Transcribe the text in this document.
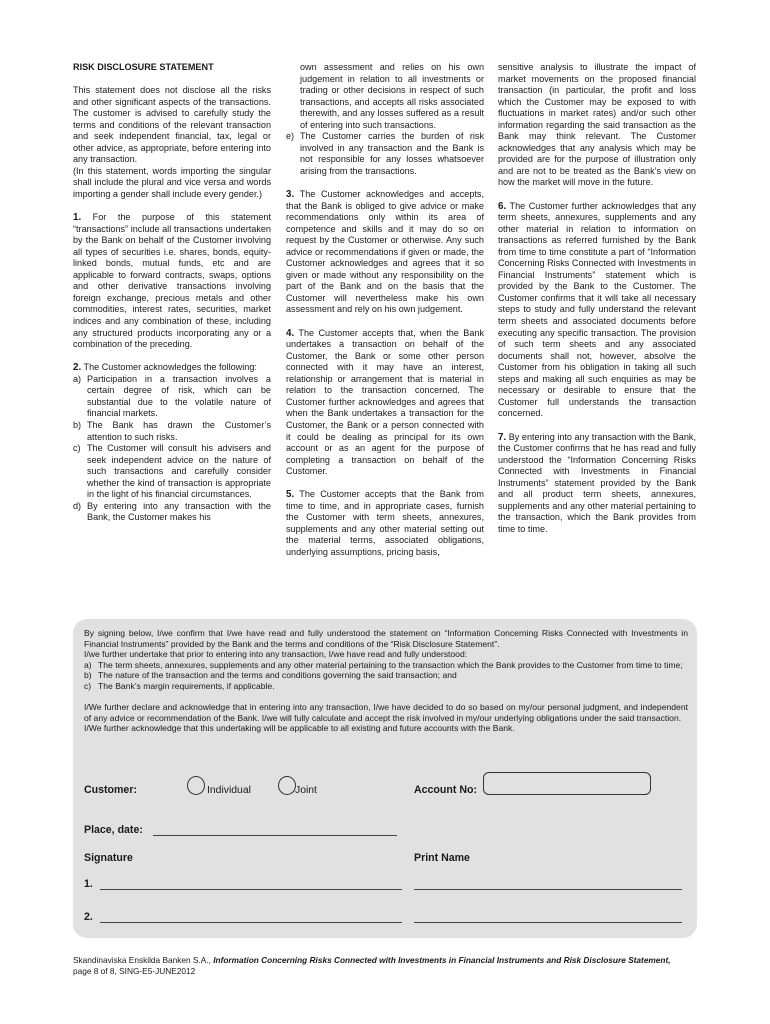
RISK DISCLOSURE STATEMENT

This statement does not disclose all the risks and other significant aspects of the transactions. The customer is advised to carefully study the terms and conditions of the relevant transaction and seek independent financial, tax, legal or other advice, as appropriate, before entering into any transaction.
(In this statement, words importing the singular shall include the plural and vice versa and words importing a gender shall include every gender.)

1. For the purpose of this statement “transactions” include all transactions undertaken by the Bank on behalf of the Customer involving all types of securities i.e. shares, bonds, equity-linked bonds, mutual funds, etc and are applicable to forward contracts, swaps, options and other derivative transactions involving foreign exchange, precious metals and other commodities, interest rates, securities, market indices and any combination of these, including any structured products incorporating any or a combination of the preceding.

2. The Customer acknowledges the following:
a) Participation in a transaction involves a certain degree of risk, which can be substantial due to the volatile nature of financial markets.
b) The Bank has drawn the Customer’s attention to such risks.
c) The Customer will consult his advisers and seek independent advice on the nature of such transactions and carefully consider whether the kind of transaction is appropriate in the light of his financial circumstances.
d) By entering into any transaction with the Bank, the Customer makes his
own assessment and relies on his own judgement in relation to all investments or trading or other decisions in respect of such transactions, and accepts all risks associated therewith, and any losses suffered as a result of entering into such transactions.
e) The Customer carries the burden of risk involved in any transaction and the Bank is not responsible for any losses whatsoever arising from the transactions.

3. The Customer acknowledges and accepts, that the Bank is obliged to give advice or make recommendations only within its area of competence and skills and it may do so on request by the Customer or otherwise. Any such advice or recommendations if given or made, the Customer acknowledges and agrees that it so given or made without any responsibility on the part of the Bank and on the basis that the Customer will nevertheless make his own assessment and rely on his own judgement.

4. The Customer accepts that, when the Bank undertakes a transaction on behalf of the Customer, the Bank or some other person connected with it may have an interest, relationship or arrangement that is material in relation to the transaction concerned. The Customer further acknowledges and agrees that when the Bank undertakes a transaction for the Customer, the Bank or a person connected with it could be dealing as principal for its own account or as an agent for the purpose of completing a transaction on behalf of the Customer.

5. The Customer accepts that the Bank from time to time, and in appropriate cases, furnish the Customer with term sheets, annexures, supplements and any other material setting out the material terms, associated obligations, underlying assumptions, pricing basis,

sensitive analysis to illustrate the impact of market movements on the proposed financial transaction (in particular, the profit and loss which the Customer may be exposed to with fluctuations in market rates) and/or such other information regarding the said transaction as the Bank may think relevant. The Customer acknowledges that any analysis which may be provided are for the purpose of illustration only and are not to be treated as the Bank’s view on how the market will move in the future.

6. The Customer further acknowledges that any term sheets, annexures, supplements and any other material in relation to information on transactions as referred furnished by the Bank from time to time constitute a part of “Information Concerning Risks Connected with Investments in Financial Instruments” statement which is provided by the Bank to the Customer. The Customer confirms that it will take all necessary steps to study and fully understand the relevant term sheets and associated documents before executing any specific transaction. The provision of such term sheets and any associated documents shall not, however, absolve the Customer from his obligation in taking all such steps and making all such enquiries as may be necessary or desirable to ensure that the Customer full understands the transaction concerned.

7. By entering into any transaction with the Bank, the Customer confirms that he has read and fully understood the “Information Concerning Risks Connected with Investments in Financial Instruments” statement provided by the Bank and all product term sheets, annexures, supplements and any other material pertaining to the transaction, which the Bank provides from time to time.

By signing below, I/we confirm that I/we have read and fully understood the statement on “Information Concerning Risks Connected with Investments in Financial Instruments” provided by the Bank and the terms and conditions of the “Risk Disclosure Statement”.

I/we further undertake that prior to entering into any transaction, I/we have read and fully understood:

a) The term sheets, annexures, supplements and any other material pertaining to the transaction which the Bank provides to the Customer from time to time;
b) The nature of the transaction and the terms and conditions governing the said transaction; and
c) The Bank’s margin requirements, if applicable.

I/We further declare and acknowledge that in entering into any transaction, I/we have decided to do so based on my/our personal judgment, and independent of any advice or recommendation of the Bank. I/we will fully calculate and accept the risk involved in my/our underlying obligations under the said transaction.

I/We further acknowledge that this undertaking will be applicable to all existing and future accounts with the Bank.

Customer:	Individual	Joint	Account No:
Place, date:
Signature	Print Name
1.
2.
Skandinaviska Enskilda Banken S.A., Information Concerning Risks Connected with Investments in Financial Instruments and Risk Disclosure Statement,
page 8 of 8, SING-E5-JUNE2012
